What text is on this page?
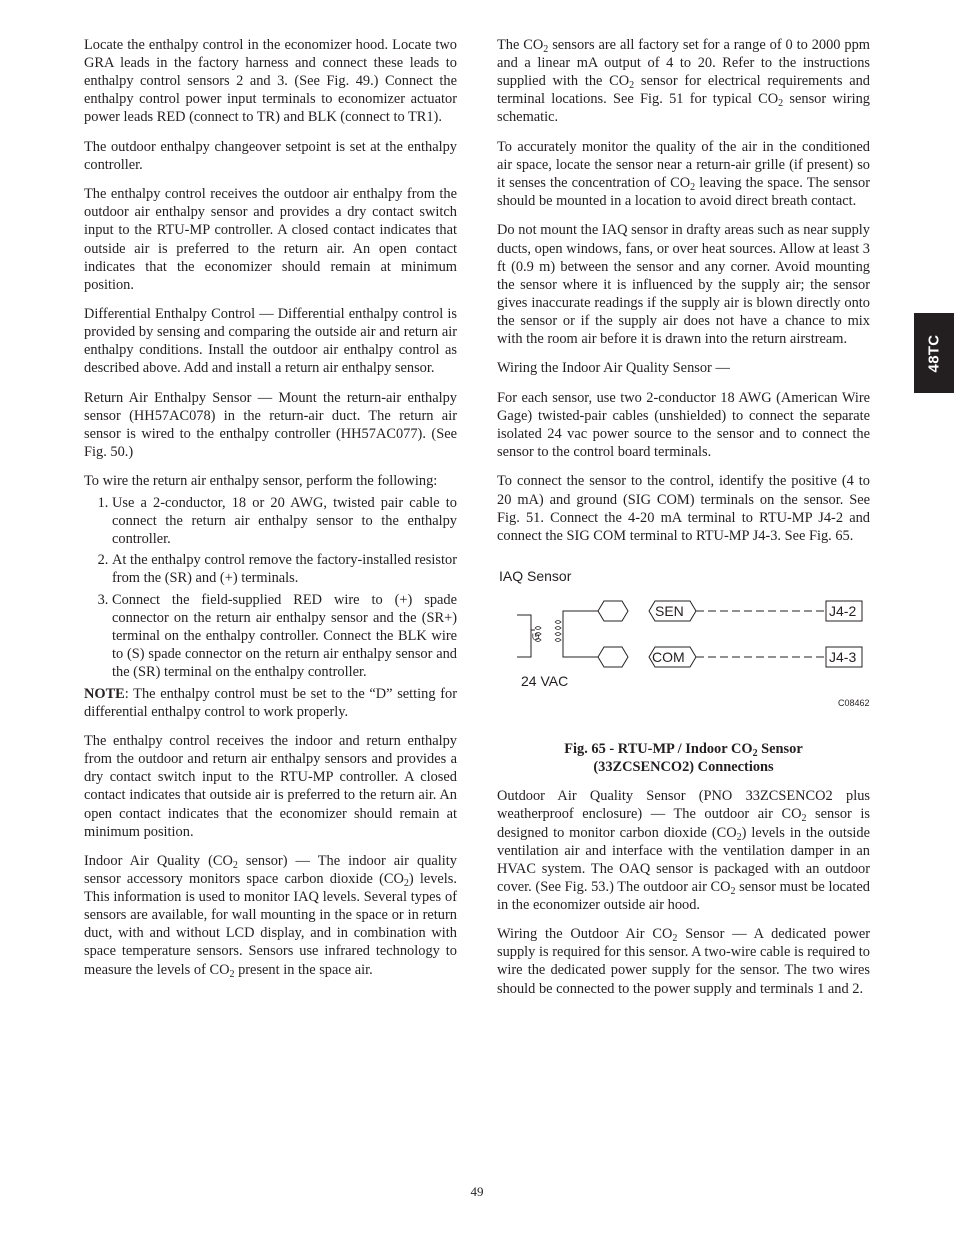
Locate the enthalpy control in the economizer hood. Locate two GRA leads in the factory harness and connect these leads to enthalpy control sensors 2 and 3. (See Fig. 49.) Connect the enthalpy control power input terminals to economizer actuator power leads RED (connect to TR) and BLK (connect to TR1).

The outdoor enthalpy changeover setpoint is set at the enthalpy controller.

The enthalpy control receives the outdoor air enthalpy from the outdoor air enthalpy sensor and provides a dry contact switch input to the RTU-MP controller. A closed contact indicates that outside air is preferred to the return air. An open contact indicates that the economizer should remain at minimum position.

Differential Enthalpy Control — Differential enthalpy control is provided by sensing and comparing the outside air and return air enthalpy conditions. Install the outdoor air enthalpy control as described above. Add and install a return air enthalpy sensor.

Return Air Enthalpy Sensor — Mount the return-air enthalpy sensor (HH57AC078) in the return-air duct. The return air sensor is wired to the enthalpy controller (HH57AC077). (See Fig. 50.)

To wire the return air enthalpy sensor, perform the following:

1. Use a 2-conductor, 18 or 20 AWG, twisted pair cable to connect the return air enthalpy sensor to the enthalpy controller.
2. At the enthalpy control remove the factory-installed resistor from the (SR) and (+) terminals.
3. Connect the field-supplied RED wire to (+) spade connector on the return air enthalpy sensor and the (SR+) terminal on the enthalpy controller. Connect the BLK wire to (S) spade connector on the return air enthalpy sensor and the (SR) terminal on the enthalpy controller.

NOTE: The enthalpy control must be set to the “D” setting for differential enthalpy control to work properly.

The enthalpy control receives the indoor and return enthalpy from the outdoor and return air enthalpy sensors and provides a dry contact switch input to the RTU-MP controller. A closed contact indicates that outside air is preferred to the return air. An open contact indicates that the economizer should remain at minimum position.

Indoor Air Quality ($CO_2$ sensor) — The indoor air quality sensor accessory monitors space carbon dioxide $(CO_2)$ levels. This information is used to monitor IAQ levels. Several types of sensors are available, for wall mounting in the space or in return duct, with and without LCD display, and in combination with space temperature sensors. Sensors use infrared technology to measure the levels of $CO_2$ present in the space air.

The $CO_2$ sensors are all factory set for a range of 0 to 2000 ppm and a linear mA output of 4 to 20. Refer to the instructions supplied with the $CO_2$ sensor for electrical requirements and terminal locations. See Fig. 51 for typical $CO_2$ sensor wiring schematic.

To accurately monitor the quality of the air in the conditioned air space, locate the sensor near a return-air grille (if present) so it senses the concentration of $CO_2$ leaving the space. The sensor should be mounted in a location to avoid direct breath contact.

Do not mount the IAQ sensor in drafty areas such as near supply ducts, open windows, fans, or over heat sources. Allow at least 3 ft (0.9 m) between the sensor and any corner. Avoid mounting the sensor where it is influenced by the supply air; the sensor gives inaccurate readings if the supply air is blown directly onto the sensor or if the supply air does not have a chance to mix with the room air before it is drawn into the return airstream.

Wiring the Indoor Air Quality Sensor —

For each sensor, use two 2-conductor 18 AWG (American Wire Gage) twisted-pair cables (unshielded) to connect the separate isolated 24 vac power source to the sensor and to connect the sensor to the control board terminals.

To connect the sensor to the control, identify the positive (4 to 20 mA) and ground (SIG COM) terminals on the sensor. See Fig. 51. Connect the 4-20 mA terminal to RTU-MP J4-2 and connect the SIG COM terminal to RTU-MP J4-3. See Fig. 65.

IAQ Sensor
ᘎ
SEN
COM
J4-2
J4-3
24 VAC
C08462

Fig. 65 - RTU-MP / Indoor $CO_2$ Sensor
(33ZCSENCO2) Connections

Outdoor Air Quality Sensor (PNO 33ZCSENCO2 plus weatherproof enclosure) — The outdoor air $CO_2$ sensor is designed to monitor carbon dioxide $(CO_2)$ levels in the outside ventilation air and interface with the ventilation damper in an HVAC system. The OAQ sensor is packaged with an outdoor cover. (See Fig. 53.) The outdoor air $CO_2$ sensor must be located in the economizer outside air hood.

Wiring the Outdoor Air $CO_2$ Sensor — A dedicated power supply is required for this sensor. A two-wire cable is required to wire the dedicated power supply for the sensor. The two wires should be connected to the power supply and terminals 1 and 2.

48TC
49
